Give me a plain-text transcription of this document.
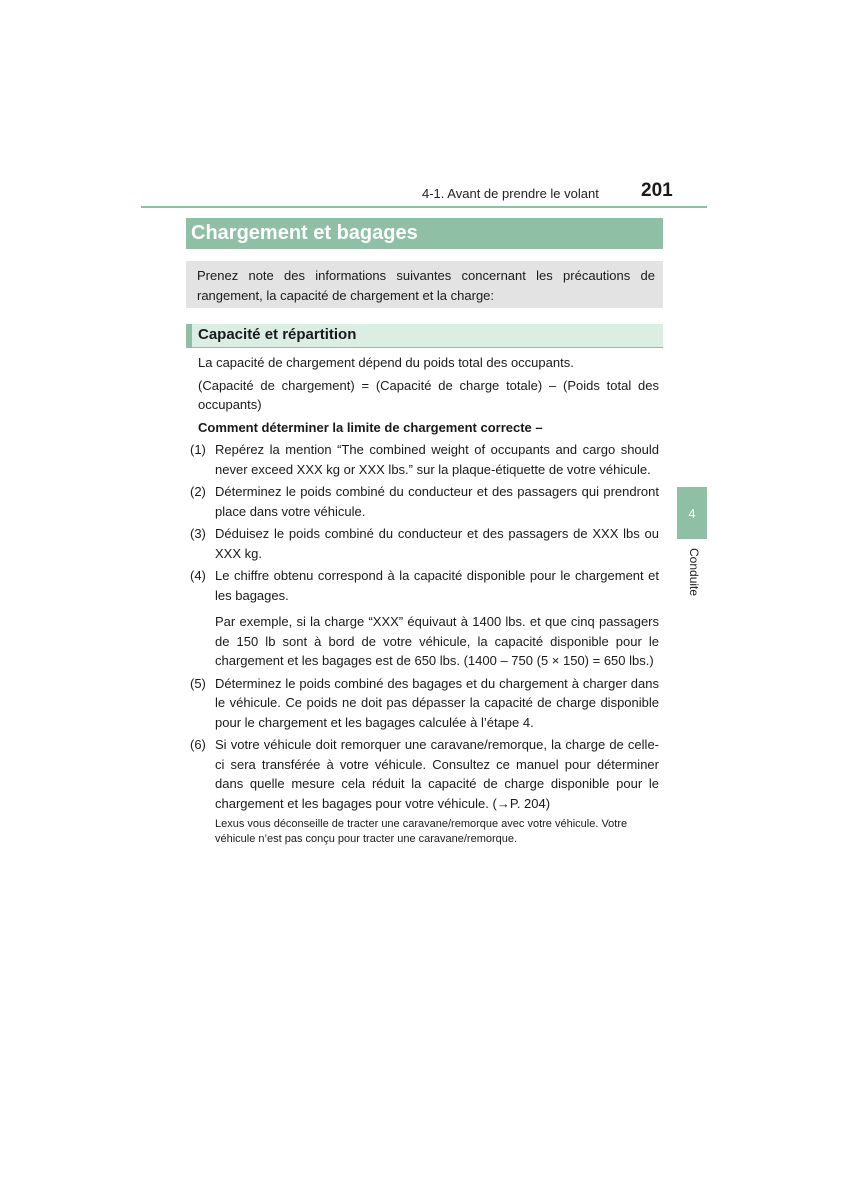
4-1. Avant de prendre le volant 201
4
Conduite
Chargement et bagages
Prenez note des informations suivantes concernant les précautions de rangement, la capacité de chargement et la charge:
Capacité et répartition

La capacité de chargement dépend du poids total des occupants.

(Capacité de chargement) = (Capacité de charge totale) – (Poids total des occupants)

Comment déterminer la limite de chargement correcte –

(1) Repérez la mention “The combined weight of occupants and cargo should never exceed XXX kg or XXX lbs.” sur la plaque-étiquette de votre véhicule.
(2) Déterminez le poids combiné du conducteur et des passagers qui prendront place dans votre véhicule.
(3) Déduisez le poids combiné du conducteur et des passagers de XXX lbs ou XXX kg.
(4) Le chiffre obtenu correspond à la capacité disponible pour le chargement et les bagages.

Par exemple, si la charge “XXX” équivaut à 1400 lbs. et que cinq passagers de 150 lb sont à bord de votre véhicule, la capacité disponible pour le chargement et les bagages est de 650 lbs. (1400 – 750 (5 × 150) = 650 lbs.)

(5) Déterminez le poids combiné des bagages et du chargement à charger dans le véhicule. Ce poids ne doit pas dépasser la capacité de charge disponible pour le chargement et les bagages calculée à l’étape 4.
(6) Si votre véhicule doit remorquer une caravane/remorque, la charge de celle-ci sera transférée à votre véhicule. Consultez ce manuel pour déterminer dans quelle mesure cela réduit la capacité de charge disponible pour le chargement et les bagages pour votre véhicule. (→P. 204)

Lexus vous déconseille de tracter une caravane/remorque avec votre véhicule. Votre véhicule n’est pas conçu pour tracter une caravane/remorque.
